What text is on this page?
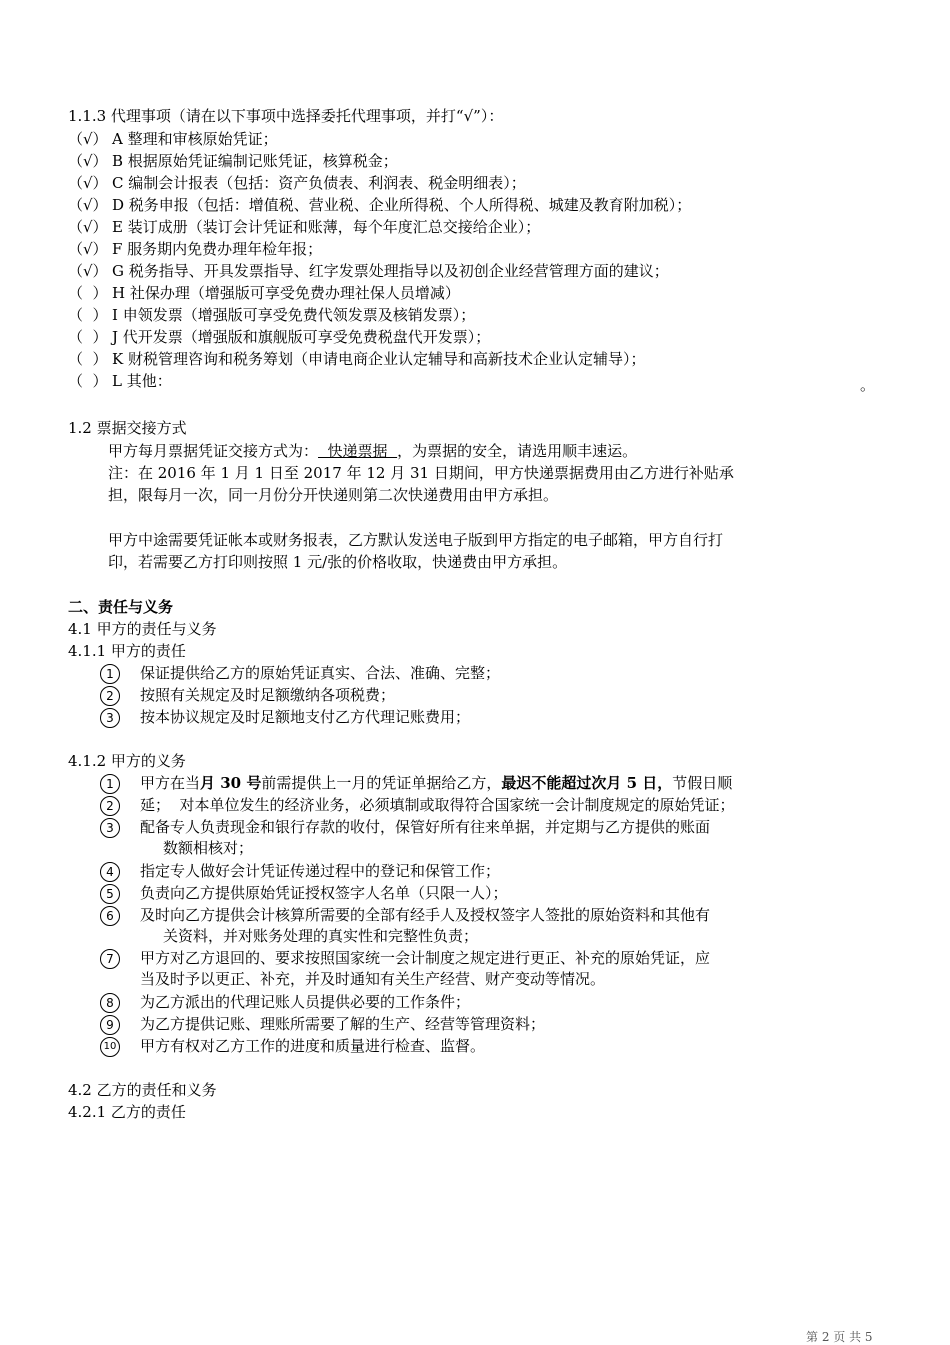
1.1.3 代理事项（请在以下事项中选择委托代理事项，并打“√”）：
（√） A 整理和审核原始凭证；
（√） B 根据原始凭证编制记账凭证，核算税金；
（√） C 编制会计报表（包括：资产负债表、利润表、税金明细表）；
（√） D 税务申报（包括：增值税、营业税、企业所得税、个人所得税、城建及教育附加税）；
（√） E 装订成册（装订会计凭证和账薄，每个年度汇总交接给企业）；
（√） F 服务期内免费办理年检年报；
（√） G 税务指导、开具发票指导、红字发票处理指导以及初创企业经营管理方面的建议；
（  ） H 社保办理（增强版可享受免费办理社保人员增减）
（  ） I 申领发票（增强版可享受免费代领发票及核销发票）；
（  ） J 代开发票（增强版和旗舰版可享受免费税盘代开发票）；
（  ） K 财税管理咨询和税务筹划（申请电商企业认定辅导和高新技术企业认定辅导）；
（  ） L 其他：	。
1.2 票据交接方式
甲方每月票据凭证交接方式为：  快递票据  ，为票据的安全，请选用顺丰速运。
注：在 2016 年 1 月 1 日至 2017 年 12 月 31 日期间，甲方快递票据费用由乙方进行补贴承
担，限每月一次，同一月份分开快递则第二次快递费用由甲方承担。
甲方中途需要凭证帐本或财务报表，乙方默认发送电子版到甲方指定的电子邮箱，甲方自行打
印，若需要乙方打印则按照 1 元/张的价格收取，快递费由甲方承担。
二、责任与义务
4.1 甲方的责任与义务
4.1.1 甲方的责任
1	保证提供给乙方的原始凭证真实、合法、准确、完整；
2	按照有关规定及时足额缴纳各项税费；
3	按本协议规定及时足额地支付乙方代理记账费用；
4.1.2 甲方的义务
1
2
3
4
5
6
7
8
9
10
甲方在当月 30 号前需提供上一月的凭证单据给乙方，最迟不能超过次月 5 日，节假日顺
延；  对本单位发生的经济业务，必须填制或取得符合国家统一会计制度规定的原始凭证；
配备专人负责现金和银行存款的收付，保管好所有往来单据，并定期与乙方提供的账面
数额相核对；
指定专人做好会计凭证传递过程中的登记和保管工作；
负责向乙方提供原始凭证授权签字人名单（只限一人）；
及时向乙方提供会计核算所需要的全部有经手人及授权签字人签批的原始资料和其他有
关资料，并对账务处理的真实性和完整性负责；
甲方对乙方退回的、要求按照国家统一会计制度之规定进行更正、补充的原始凭证，应
当及时予以更正、补充，并及时通知有关生产经营、财产变动等情况。
为乙方派出的代理记账人员提供必要的工作条件；
为乙方提供记账、理账所需要了解的生产、经营等管理资料；
甲方有权对乙方工作的进度和质量进行检查、监督。
4.2 乙方的责任和义务
4.2.1 乙方的责任
第 2 页 共 5
